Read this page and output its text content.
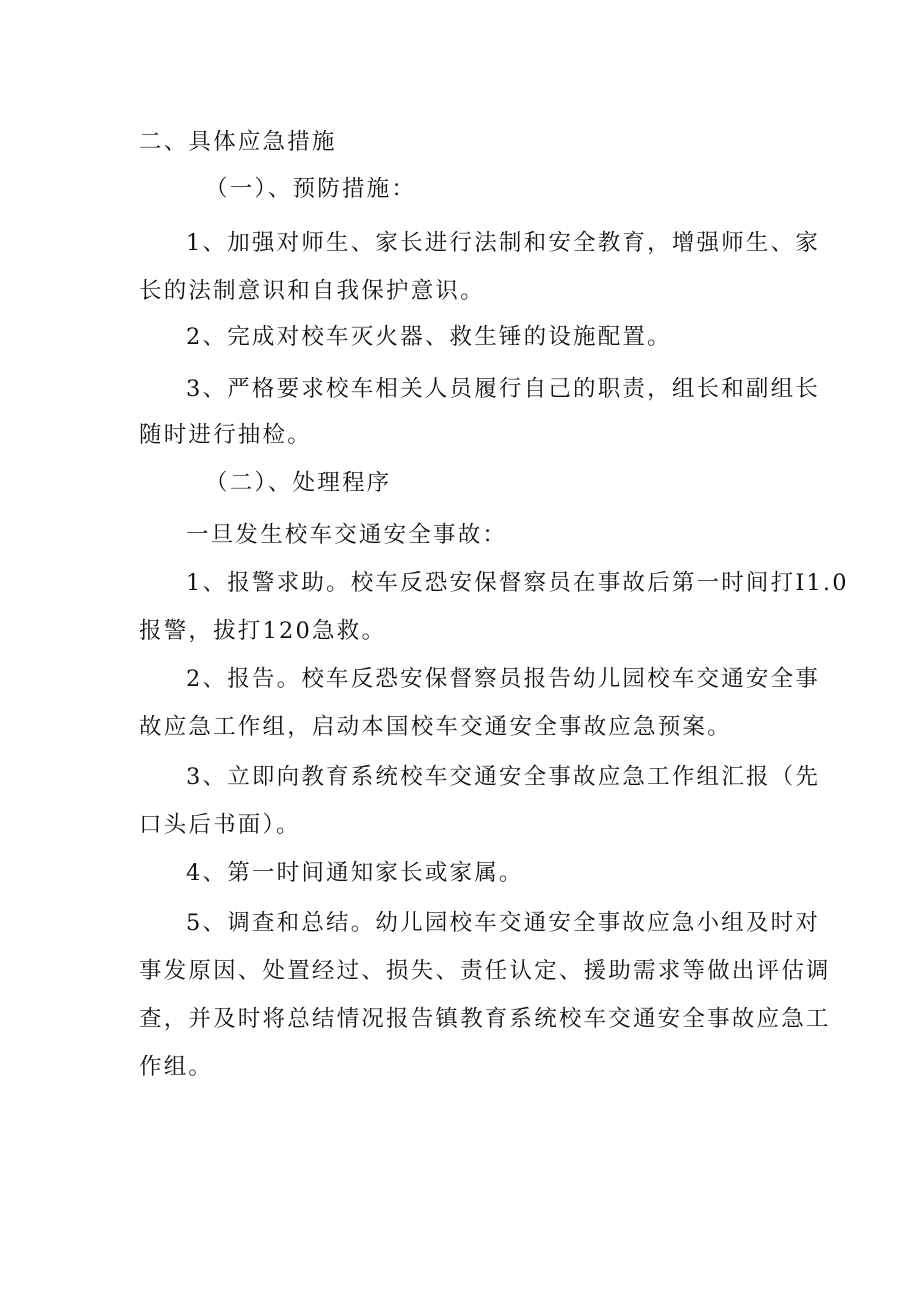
二、具体应急措施
（一）、预防措施：
1、加强对师生、家长进行法制和安全教育，增强师生、家
长的法制意识和自我保护意识。
2、完成对校车灭火器、救生锤的设施配置。
3、严格要求校车相关人员履行自己的职责，组长和副组长
随时进行抽检。
（二）、处理程序
一旦发生校车交通安全事故：
1、报警求助。校车反恐安保督察员在事故后第一时间打I1.0
报警，拔打120急救。
2、报告。校车反恐安保督察员报告幼儿园校车交通安全事
故应急工作组，启动本国校车交通安全事故应急预案。
3、立即向教育系统校车交通安全事故应急工作组汇报（先
口头后书面）。
4、第一时间通知家长或家属。
5、调查和总结。幼儿园校车交通安全事故应急小组及时对
事发原因、处置经过、损失、责任认定、援助需求等做出评估调
查，并及时将总结情况报告镇教育系统校车交通安全事故应急工
作组。
